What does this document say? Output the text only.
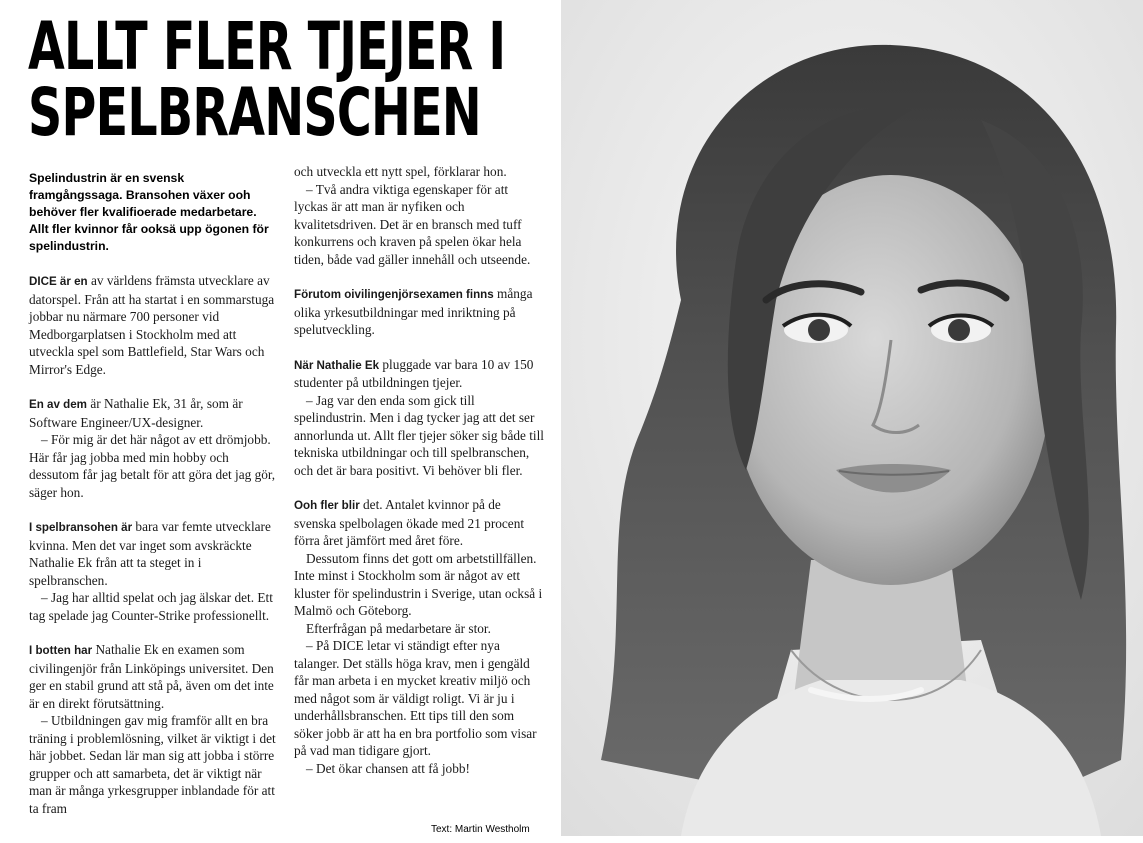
ALLT FLER TJEJER I SPELBRANSCHEN

Spelindustrin är en svensk framgångssaga. Bransohen växer ooh behöver fler kvalifioerade medarbetare. Allt fler kvinnor får ooksä upp ögonen för spelindustrin.

DICE är en av världens främsta utvecklare av datorspel. Från att ha startat i en sommarstuga jobbar nu närmare 700 personer vid Medborgarplatsen i Stockholm med att utveckla spel som Battlefield, Star Wars och Mirror's Edge.

En av dem är Nathalie Ek, 31 år, som är Software Engineer/UX-designer.

– För mig är det här något av ett drömjobb. Här får jag jobba med min hobby och dessutom får jag betalt för att göra det jag gör, säger hon.

I spelbransohen är bara var femte utvecklare kvinna. Men det var inget som avskräckte Nathalie Ek från att ta steget in i spelbranschen.

– Jag har alltid spelat och jag älskar det. Ett tag spelade jag Counter-Strike professionellt.

I botten har Nathalie Ek en examen som civilingenjör från Linköpings universitet. Den ger en stabil grund att stå på, även om det inte är en direkt förutsättning.

– Utbildningen gav mig framför allt en bra träning i problemlösning, vilket är viktigt i det här jobbet. Sedan lär man sig att jobba i större grupper och att samarbeta, det är viktigt när man är många yrkesgrupper inblandade för att ta fram

och utveckla ett nytt spel, förklarar hon.

– Två andra viktiga egenskaper för att lyckas är att man är nyfiken och kvalitetsdriven. Det är en bransch med tuff konkurrens och kraven på spelen ökar hela tiden, både vad gäller innehåll och utseende.

Förutom oivilingenjörsexamen finns många olika yrkesutbildningar med inriktning på spelutveckling.

När Nathalie Ek pluggade var bara 10 av 150 studenter på utbildningen tjejer.

– Jag var den enda som gick till spelindustrin. Men i dag tycker jag att det ser annorlunda ut. Allt fler tjejer söker sig både till tekniska utbildningar och till spelbranschen, och det är bara positivt. Vi behöver bli fler.

Ooh fler blir det. Antalet kvinnor på de svenska spelbolagen ökade med 21 procent förra året jämfört med året före.

Dessutom finns det gott om arbetstillfällen. Inte minst i Stockholm som är något av ett kluster för spelindustrin i Sverige, utan också i Malmö och Göteborg.

Efterfrågan på medarbetare är stor.

– På DICE letar vi ständigt efter nya talanger. Det ställs höga krav, men i gengäld får man arbeta i en mycket kreativ miljö och med något som är väldigt roligt. Vi är ju i underhållsbranschen. Ett tips till den som söker jobb är att ha en bra portfolio som visar på vad man tidigare gjort.

– Det ökar chansen att få jobb!

Text: Martin Westholm
